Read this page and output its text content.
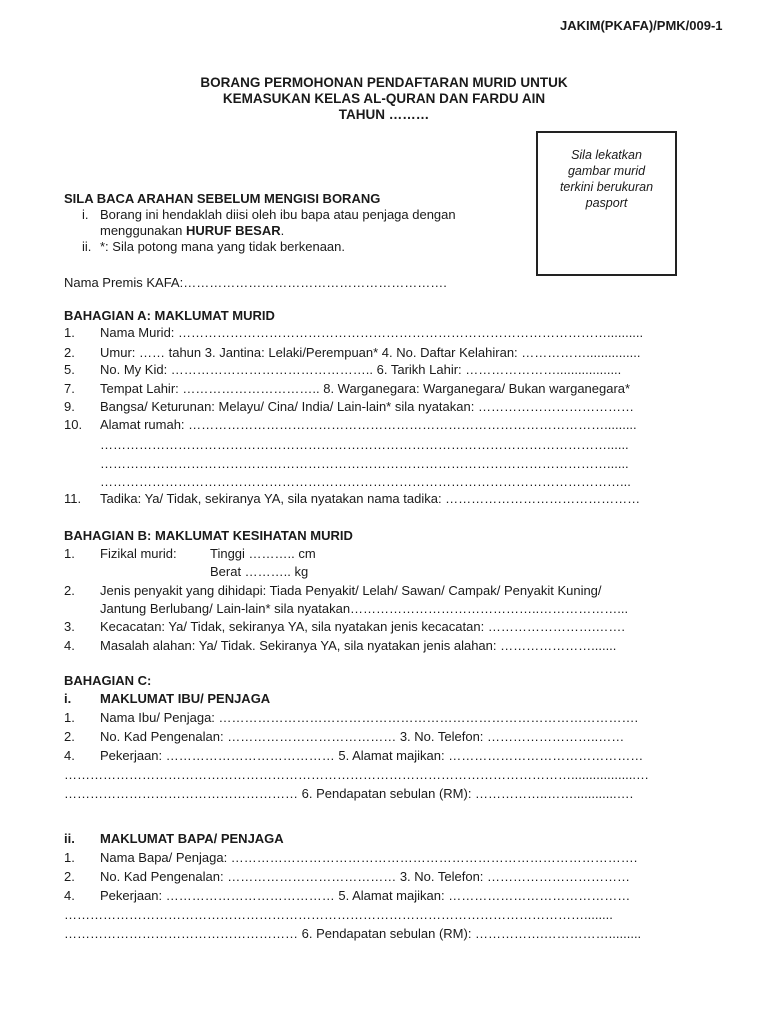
JAKIM(PKAFA)/PMK/009-1
BORANG PERMOHONAN PENDAFTARAN MURID UNTUK
KEMASUKAN KELAS AL-QURAN DAN FARDU AIN
TAHUN ………
Sila lekatkan
gambar murid
terkini berukuran
pasport
SILA BACA ARAHAN SEBELUM MENGISI BORANG
i. Borang ini hendaklah diisi oleh ibu bapa atau penjaga dengan
menggunakan HURUF BESAR.
ii. *: Sila potong mana yang tidak berkenaan.
Nama Premis KAFA:…………………………………………………….
BAHAGIAN A: MAKLUMAT MURID
1. Nama Murid: ………………………………………………………………………………………..........
2. Umur: …… tahun 3. Jantina: Lelaki/Perempuan* 4. No. Daftar Kelahiran: ……………...............
5. No. My Kid: ……………………………………….. 6. Tarikh Lahir: …………………..................
7. Tempat Lahir: ………………………….. 8. Warganegara: Warganegara/ Bukan warganegara*
9. Bangsa/ Keturunan: Melayu/ Cina/ India/ Lain-lain* sila nyatakan: ………………………………
10. Alamat rumah: …………………………………………………………………………………….........
………………………………………………………………………………………………………......
………………………………………………………………………………………………………......
…………………………………………………………………………………………………………...
11. Tadika: Ya/ Tidak, sekiranya YA, sila nyatakan nama tadika: ………………………………………
BAHAGIAN B: MAKLUMAT KESIHATAN MURID
1. Fizikal murid:	Tinggi ……….. cm
Berat ……….. kg
2. Jenis penyakit yang dihidapi: Tiada Penyakit/ Lelah/ Sawan/ Campak/ Penyakit Kuning/
Jantung Berlubang/ Lain-lain* sila nyatakan……………………………………..………………...
3. Kecacatan: Ya/ Tidak, sekiranya YA, sila nyatakan jenis kecacatan: …………………….…….
4. Masalah alahan: Ya/ Tidak. Sekiranya YA, sila nyatakan jenis alahan: ………………….......
BAHAGIAN C:
i. MAKLUMAT IBU/ PENJAGA
1. Nama Ibu/ Penjaga: …………………………………………………………………………………….
2. No. Kad Pengenalan: ………………………………… 3. No. Telefon: ……………………..……
4. Pekerjaan: ………………………………… 5. Alamat majikan: ………………………………………
………………………………………………………………………………………………………..................…
……………………………………………… 6. Pendapatan sebulan (RM): ……………..……............….
ii. MAKLUMAT BAPA/ PENJAGA
1. Nama Bapa/ Penjaga: ………………………………………………………………………………….
2. No. Kad Pengenalan: ………………………………… 3. No. Telefon: ……………………………
4. Pekerjaan: ………………………………… 5. Alamat majikan: ……………………………………
…………………………………………………………………………………………………………........
……………………………………………… 6. Pendapatan sebulan (RM): …………….…………….........
